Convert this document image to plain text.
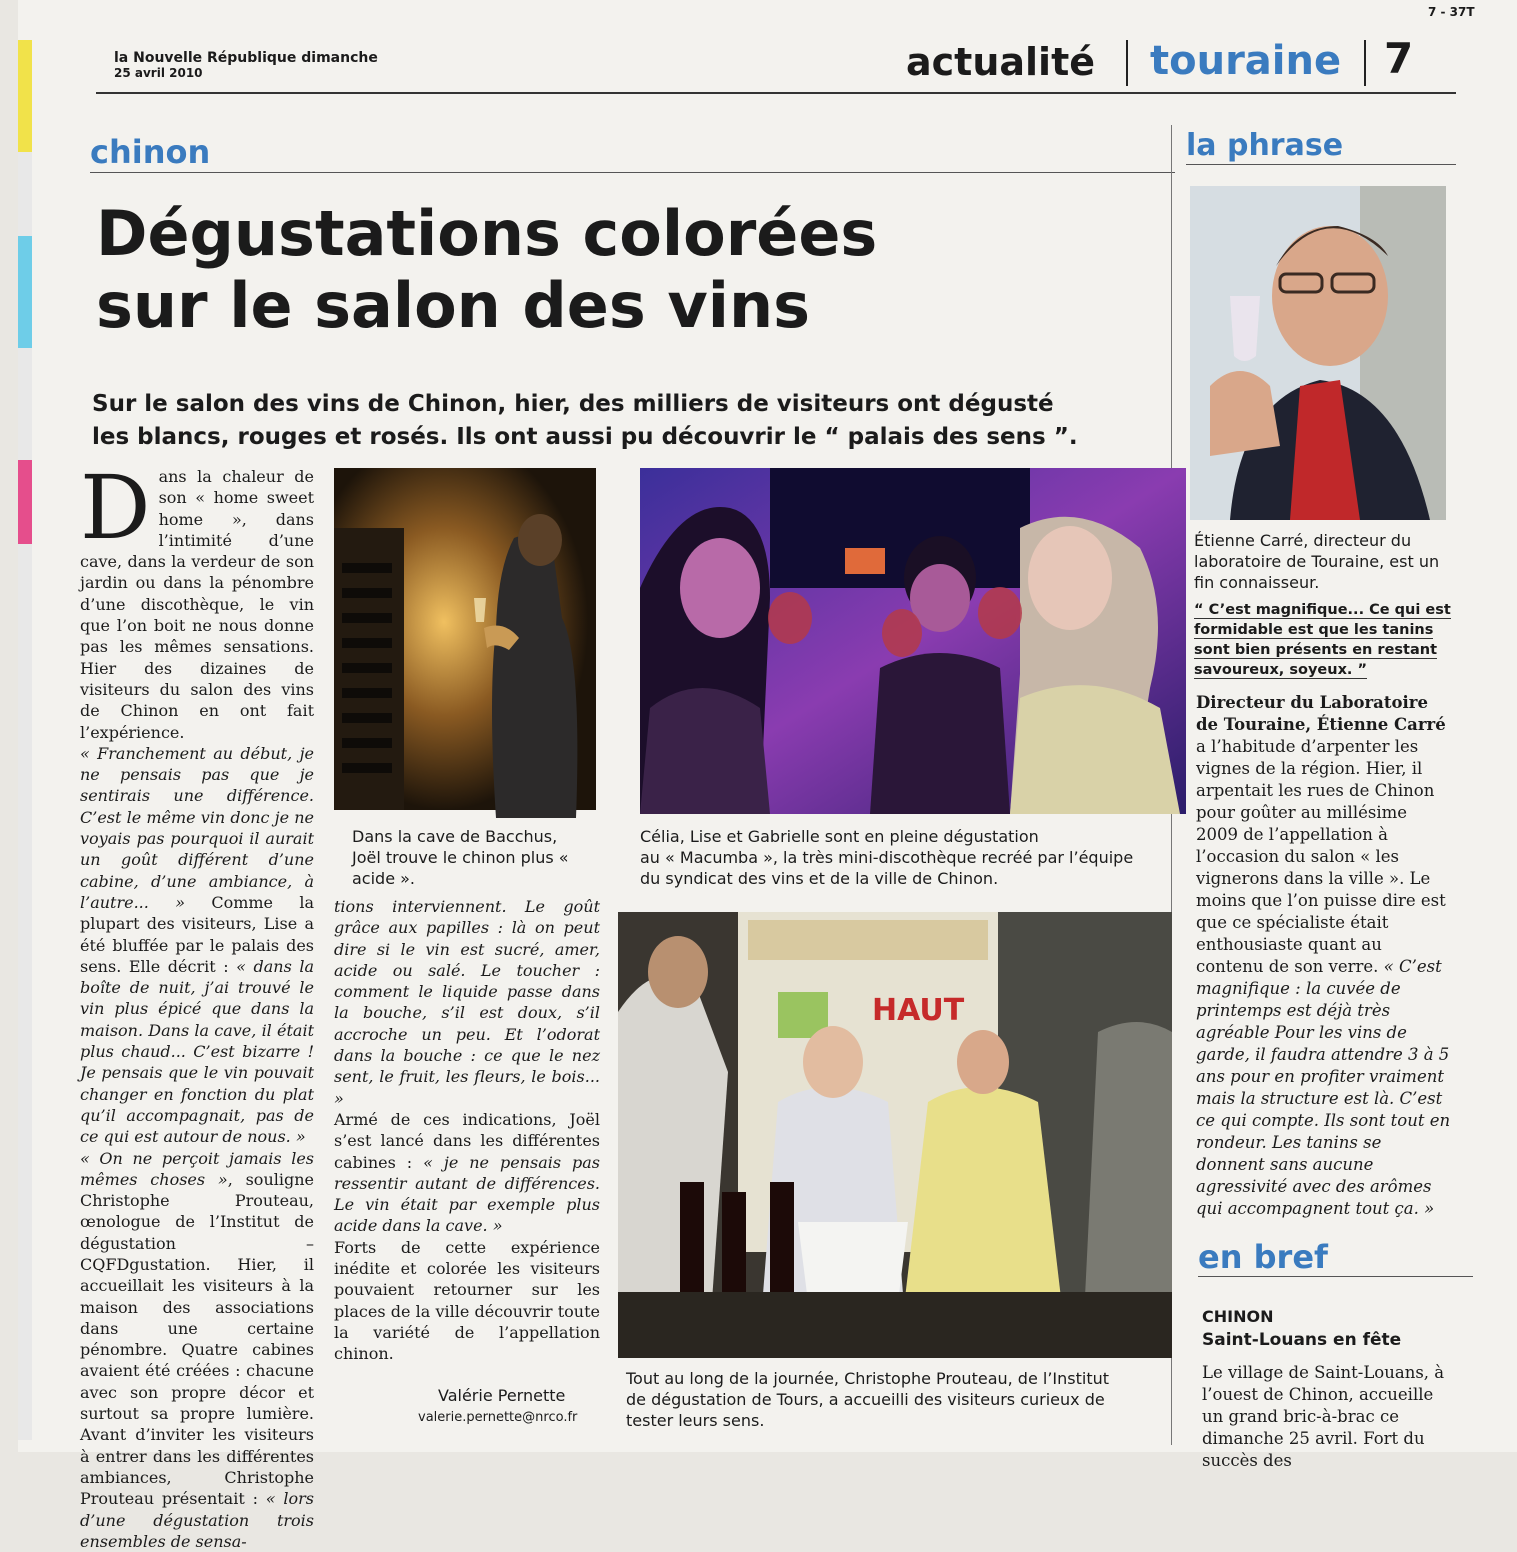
7 - 37T
la Nouvelle République dimanche
25 avril 2010	actualité touraine 7
chinon
Dégustations colorées
sur le salon des vins
Sur le salon des vins de Chinon, hier, des milliers de visiteurs ont dégusté
les blancs, rouges et rosés. Ils ont aussi pu découvrir le “ palais des sens ”.
D ans la chaleur de son « home sweet home », dans l’intimité d’une cave, dans la verdeur de son jardin ou dans la pénombre d’une discothèque, le vin que l’on boit ne nous donne pas les mêmes sensations. Hier des dizaines de visiteurs du salon des vins de Chinon en ont fait l’expérience.

« Franchement au début, je ne pensais pas que je sentirais une différence. C’est le même vin donc je ne voyais pas pourquoi il aurait un goût différent d’une cabine, d’une ambiance, à l’autre... » Comme la plupart des visiteurs, Lise a été bluffée par le palais des sens. Elle décrit : « dans la boîte de nuit, j’ai trouvé le vin plus épicé que dans la maison. Dans la cave, il était plus chaud... C’est bizarre ! Je pensais que le vin pouvait changer en fonction du plat qu’il accompagnait, pas de ce qui est autour de nous. »

« On ne perçoit jamais les mêmes choses », souligne Christophe Prouteau, œnologue de l’Institut de dégustation – CQFDgustation. Hier, il accueillait les visiteurs à la maison des associations dans une certaine pénombre. Quatre cabines avaient été créées : chacune avec son propre décor et surtout sa propre lumière. Avant d’inviter les visiteurs à entrer dans les différentes ambiances, Christophe Prouteau présentait : « lors d’une dégustation trois ensembles de sensa-

Dans la cave de Bacchus, Joël trouve le chinon plus « acide ».
Célia, Lise et Gabrielle sont en pleine dégustation
au « Macumba », la très mini-discothèque recréé par l’équipe
du syndicat des vins et de la ville de Chinon.

tions interviennent. Le goût grâce aux papilles : là on peut dire si le vin est sucré, amer, acide ou salé. Le toucher : comment le liquide passe dans la bouche, s’il est doux, s’il accroche un peu. Et l’odorat dans la bouche : ce que le nez sent, le fruit, les fleurs, le bois... »

Armé de ces indications, Joël s’est lancé dans les différentes cabines : « je ne pensais pas ressentir autant de différences. Le vin était par exemple plus acide dans la cave. »

Forts de cette expérience inédite et colorée les visiteurs pouvaient retourner sur les places de la ville découvrir toute la variété de l’appellation chinon.

Valérie Pernette
valerie.pernette@nrco.fr
HAUT
Tout au long de la journée, Christophe Prouteau, de l’Institut
de dégustation de Tours, a accueilli des visiteurs curieux de
tester leurs sens.
la phrase
Étienne Carré, directeur du laboratoire de Touraine, est un fin connaisseur.
“ C’est magnifique... Ce qui est formidable est que les tanins sont bien présents en restant savoureux, soyeux. ”
Directeur du Laboratoire de Touraine, Étienne Carré a l’habitude d’arpenter les vignes de la région. Hier, il arpentait les rues de Chinon pour goûter au millésime 2009 de l’appellation à l’occasion du salon « les vignerons dans la ville ». Le moins que l’on puisse dire est que ce spécialiste était enthousiaste quant au contenu de son verre. « C’est magnifique : la cuvée de printemps est déjà très agréable Pour les vins de garde, il faudra attendre 3 à 5 ans pour en profiter vraiment mais la structure est là. C’est ce qui compte. Ils sont tout en rondeur. Les tanins se donnent sans aucune agressivité avec des arômes qui accompagnent tout ça. »
en bref
CHINON
Saint-Louans en fête
Le village de Saint-Louans, à l’ouest de Chinon, accueille un grand bric-à-brac ce dimanche 25 avril. Fort du succès des
